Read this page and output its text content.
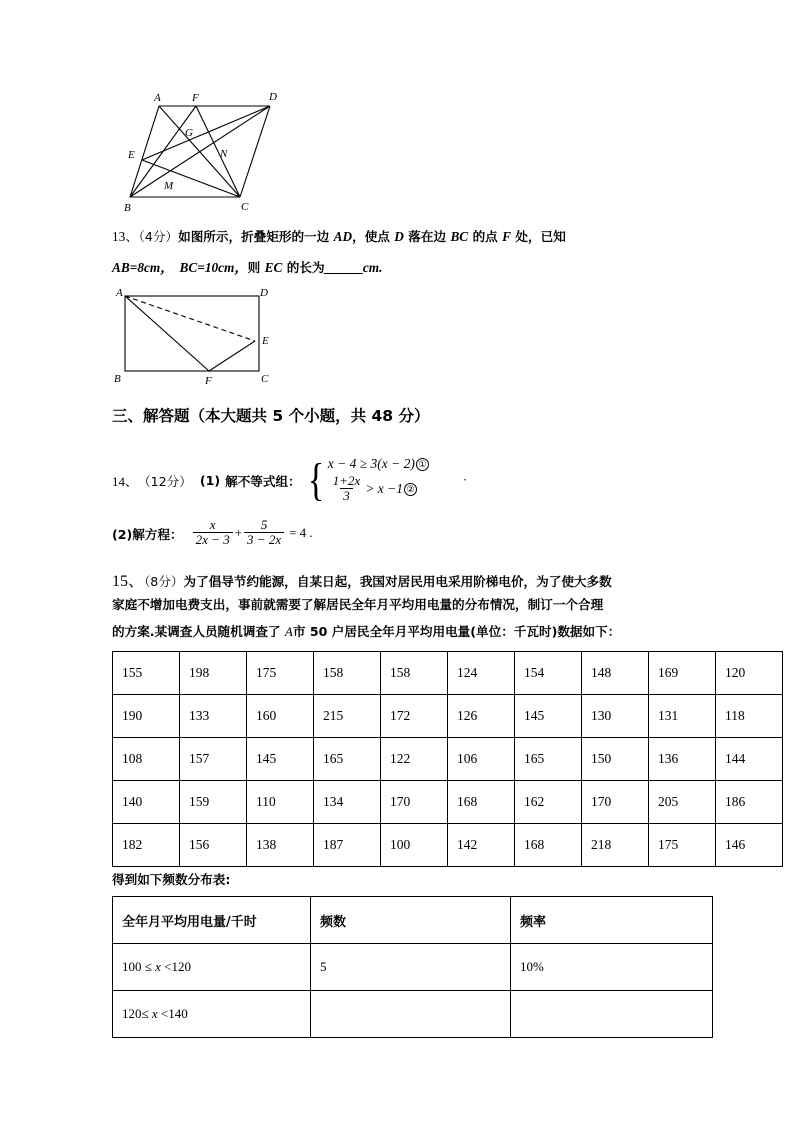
A	F	D
G
N
E
M
B	C
13、（4分）如图所示，折叠矩形的一边 AD，使点 D 落在边 BC 的点 F 处，已知
AB=8cm， BC=10cm，则 EC 的长为_____cm.
A	D
E
B	F	C
三、解答题（本大题共 5 个小题，共 48 分）
14、 （12分） (1) 解不等式组： { x − 4 ≥ 3(x − 2) ①
$\frac{1+2x}{3} > x -1$ ②
·
(2)解方程： $\frac{x}{2x - 3} + \frac{5}{3 - 2x} = 4$ .
15、（8分）为了倡导节约能源，自某日起，我国对居民用电采用阶梯电价，为了使大多数
家庭不增加电费支出，事前就需要了解居民全年月平均用电量的分布情况，制订一个合理
的方案.某调查人员随机调查了 A市 50 户居民全年月平均用电量(单位：千瓦时)数据如下：
155	198	175	158	158	124	154	148	169	120
190	133	160	215	172	126	145	130	131	118
108	157	145	165	122	106	165	150	136	144
140	159	110	134	170	168	162	170	205	186
182	156	138	187	100	142	168	218	175	146
得到如下频数分布表:
全年月平均用电量/千时	频数	频率
100 ≤ x <120	5	10%
120≤ x <140		
